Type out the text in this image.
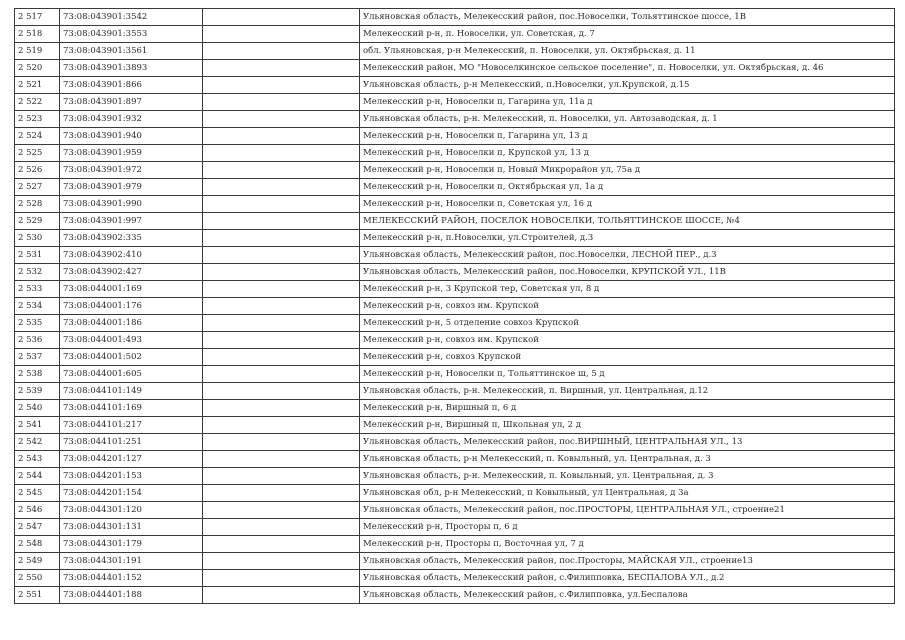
2 517	73:08:043901:3542		Ульяновская область, Мелекесский район, пос.Новоселки, Тольяттинское шоссе, 1В
2 518	73:08:043901:3553		Мелекесский р-н, п. Новоселки, ул. Советская, д. 7
2 519	73:08:043901:3561		обл. Ульяновская, р-н Мелекесский, п. Новоселки, ул. Октябрьская, д. 11
2 520	73:08:043901:3893		Мелекесский район, МО "Новоселкинское сельское поселение", п. Новоселки, ул. Октябрьская, д. 46
2 521	73:08:043901:866		Ульяновская область, р-н Мелекесский, п.Новоселки, ул.Крупской, д.15
2 522	73:08:043901:897		Мелекесский р-н, Новоселки п, Гагарина ул, 11а д
2 523	73:08:043901:932		Ульяновская область, р-н. Мелекесский, п. Новоселки, ул. Автозаводская, д. 1
2 524	73:08:043901:940		Мелекесский р-н, Новоселки п, Гагарина ул, 13 д
2 525	73:08:043901:959		Мелекесский р-н, Новоселки п, Крупской ул, 13 д
2 526	73:08:043901:972		Мелекесский р-н, Новоселки п, Новый Микрорайон ул, 75а д
2 527	73:08:043901:979		Мелекесский р-н, Новоселки п, Октябрьская ул, 1а д
2 528	73:08:043901:990		Мелекесский р-н, Новоселки п, Советская ул, 16 д
2 529	73:08:043901:997		МЕЛЕКЕССКИЙ РАЙОН, ПОСЕЛОК НОВОСЕЛКИ, ТОЛЬЯТТИНСКОЕ ШОССЕ, №4
2 530	73:08:043902:335		Мелекесский р-н, п.Новоселки, ул.Строителей, д.3
2 531	73:08:043902:410		Ульяновская область, Мелекесский район, пос.Новоселки, ЛЕСНОЙ ПЕР., д.3
2 532	73:08:043902:427		Ульяновская область, Мелекесский район, пос.Новоселки, КРУПСКОЙ УЛ., 11В
2 533	73:08:044001:169		Мелекесский р-н, 3 Крупской тер, Советская ул, 8 д
2 534	73:08:044001:176		Мелекесский р-н, совхоз им. Крупской
2 535	73:08:044001:186		Мелекесский р-н, 5 отделение совхоз Крупской
2 536	73:08:044001:493		Мелекесский р-н, совхоз им. Крупской
2 537	73:08:044001:502		Мелекесский р-н, совхоз Крупской
2 538	73:08:044001:605		Мелекесский р-н, Новоселки п, Тольяттинское ш, 5 д
2 539	73:08:044101:149		Ульяновская область, р-н. Мелекесский, п. Виршный, ул. Центральная, д.12
2 540	73:08:044101:169		Мелекесский р-н, Виршный п, 6 д
2 541	73:08:044101:217		Мелекесский р-н, Виршный п, Школьная ул, 2 д
2 542	73:08:044101:251		Ульяновская область, Мелекесский район, пос.ВИРШНЫЙ, ЦЕНТРАЛЬНАЯ УЛ., 13
2 543	73:08:044201:127		Ульяновская область, р-н Мелекесский, п. Ковыльный, ул. Центральная, д. 3
2 544	73:08:044201:153		Ульяновская область, р-н. Мелекесский, п. Ковыльный, ул. Центральная, д. 3
2 545	73:08:044201:154		Ульяновская обл, р-н Мелекесский, п Ковыльный, ул Центральная, д 3а
2 546	73:08:044301:120		Ульяновская область, Мелекесский район, пос.ПРОСТОРЫ, ЦЕНТРАЛЬНАЯ УЛ., строение21
2 547	73:08:044301:131		Мелекесский р-н, Просторы п, 6 д
2 548	73:08:044301:179		Мелекесский р-н, Просторы п, Восточная ул, 7 д
2 549	73:08:044301:191		Ульяновская область, Мелекесский район, пос.Просторы, МАЙСКАЯ УЛ., строение13
2 550	73:08:044401:152		Ульяновская область, Мелекесский район, с.Филипповка, БЕСПАЛОВА УЛ., д.2
2 551	73:08:044401:188		Ульяновская область, Мелекесский район, с.Филипповка, ул.Беспалова
